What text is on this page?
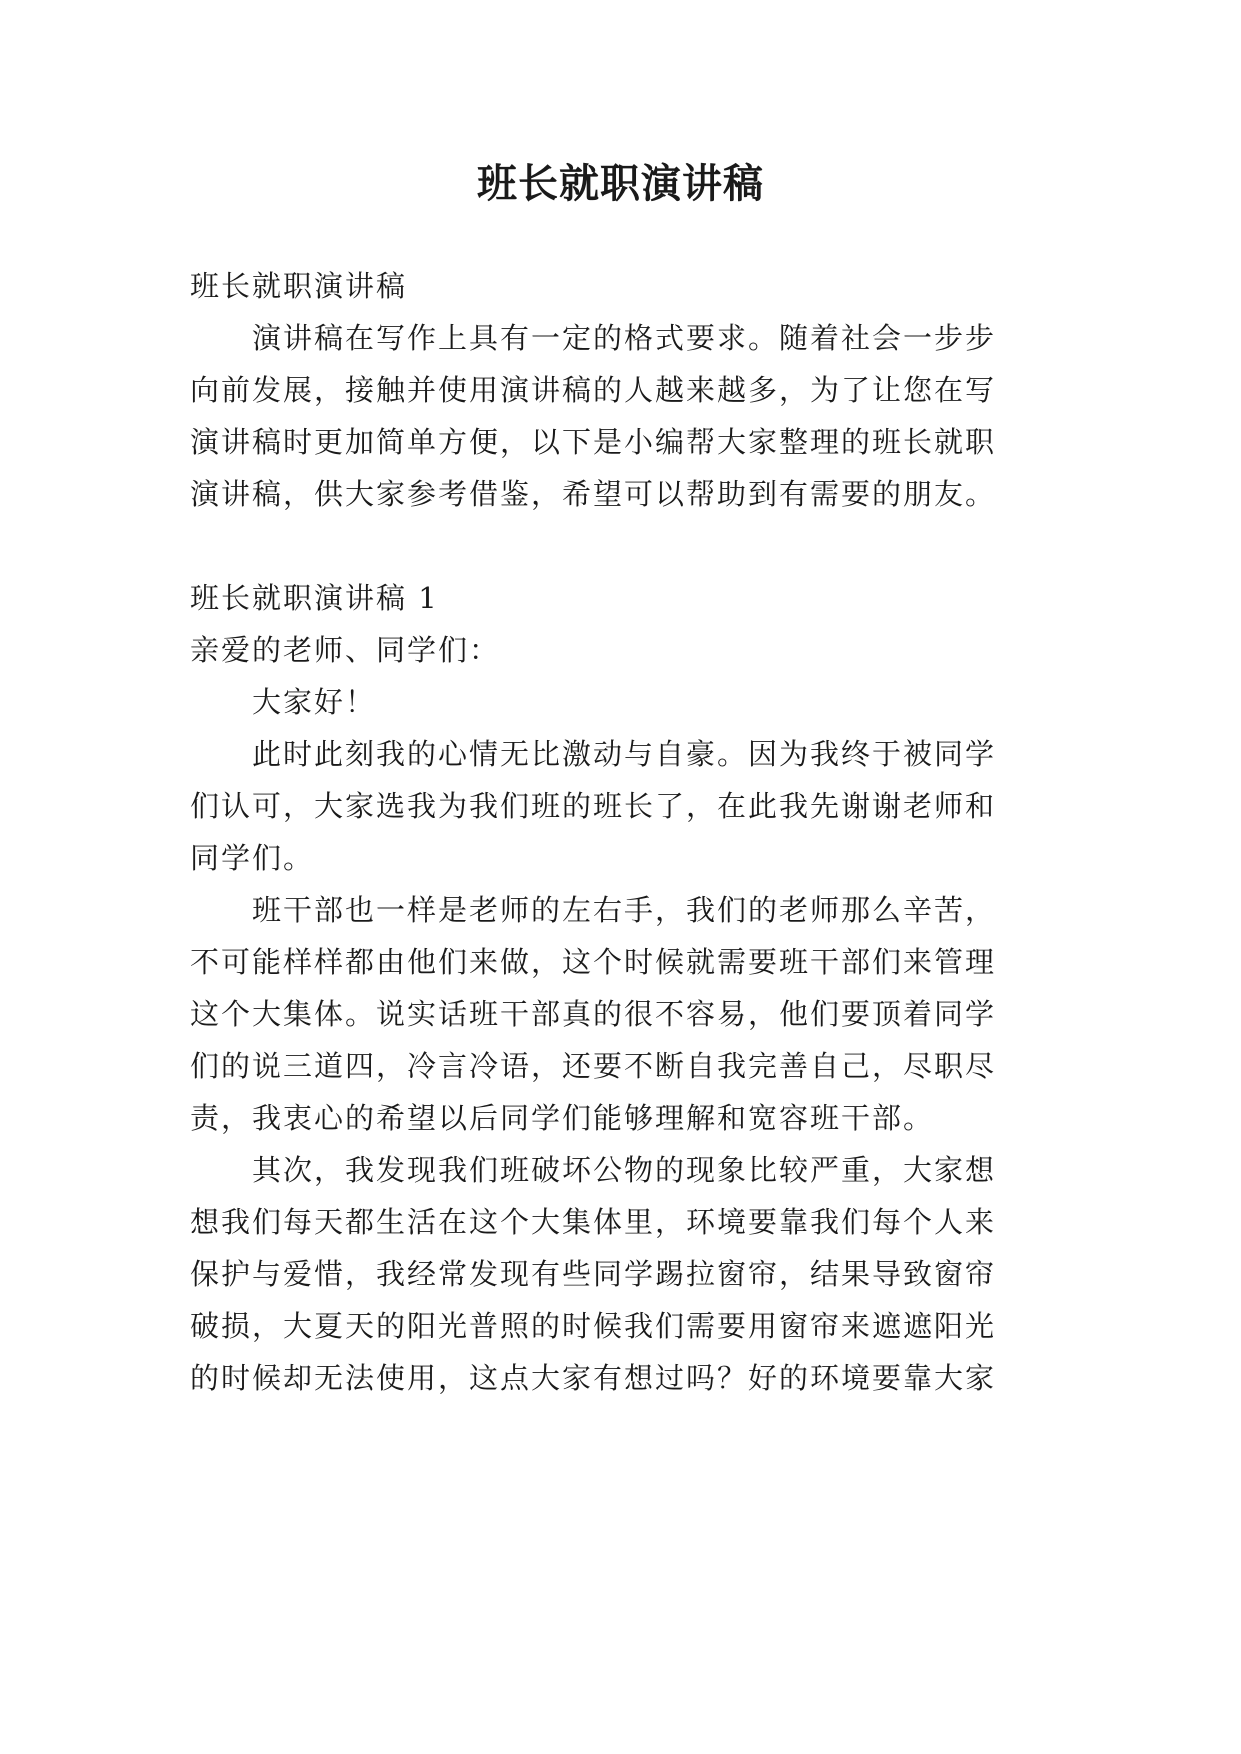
班长就职演讲稿
班长就职演讲稿
演讲稿在写作上具有一定的格式要求。随着社会一步步
向前发展，接触并使用演讲稿的人越来越多，为了让您在写
演讲稿时更加简单方便，以下是小编帮大家整理的班长就职
演讲稿，供大家参考借鉴，希望可以帮助到有需要的朋友。
班长就职演讲稿 1
亲爱的老师、同学们：
大家好！
此时此刻我的心情无比激动与自豪。因为我终于被同学
们认可，大家选我为我们班的班长了，在此我先谢谢老师和
同学们。
班干部也一样是老师的左右手，我们的老师那么辛苦，
不可能样样都由他们来做，这个时候就需要班干部们来管理
这个大集体。说实话班干部真的很不容易，他们要顶着同学
们的说三道四，冷言冷语，还要不断自我完善自己，尽职尽
责，我衷心的希望以后同学们能够理解和宽容班干部。
其次，我发现我们班破坏公物的现象比较严重，大家想
想我们每天都生活在这个大集体里，环境要靠我们每个人来
保护与爱惜，我经常发现有些同学踢拉窗帘，结果导致窗帘
破损，大夏天的阳光普照的时候我们需要用窗帘来遮遮阳光
的时候却无法使用，这点大家有想过吗？好的环境要靠大家
